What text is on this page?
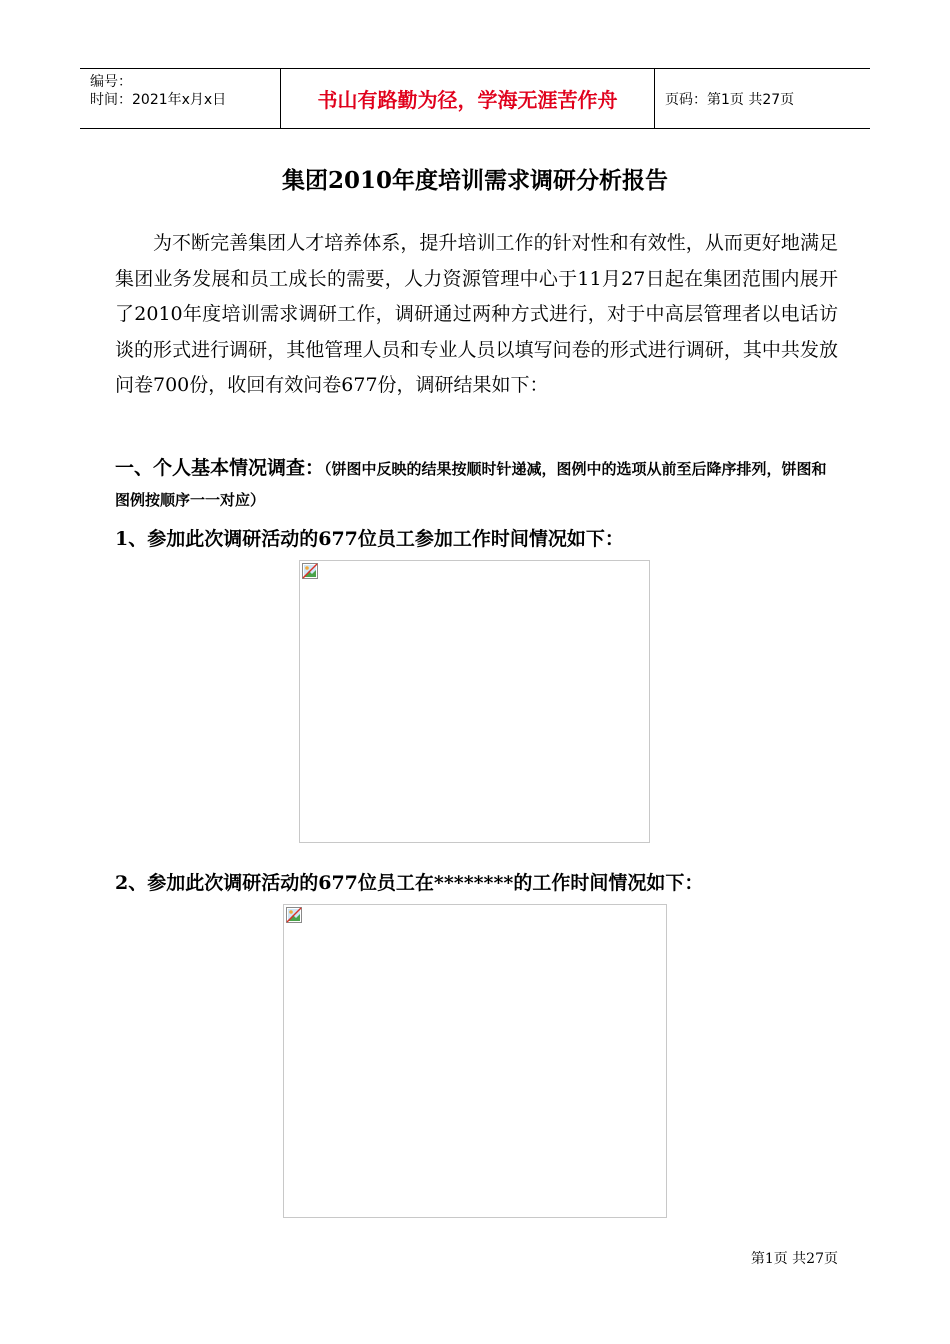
编号：
时间：2021年x月x日	书山有路勤为径，学海无涯苦作舟	页码：第1页 共27页
集团2010年度培训需求调研分析报告

为不断完善集团人才培养体系，提升培训工作的针对性和有效性，从而更好地满足集团业务发展和员工成长的需要，人力资源管理中心于11月27日起在集团范围内展开了2010年度培训需求调研工作，调研通过两种方式进行，对于中高层管理者以电话访谈的形式进行调研，其他管理人员和专业人员以填写问卷的形式进行调研，其中共发放问卷700份，收回有效问卷677份，调研结果如下：

一、个人基本情况调查：（饼图中反映的结果按顺时针递减，图例中的选项从前至后降序排列，饼图和图例按顺序一一对应）

1、参加此次调研活动的677位员工参加工作时间情况如下：

2、参加此次调研活动的677位员工在********的工作时间情况如下：

第1页 共27页
